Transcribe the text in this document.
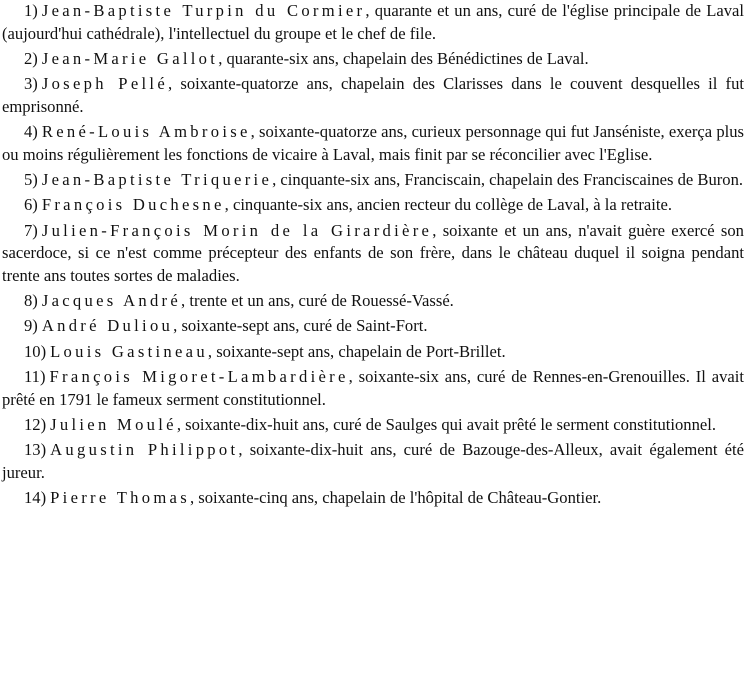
1) Jean-Baptiste Turpin du Cormier, quarante et un ans, curé de l'église principale de Laval (aujourd'hui cathédrale), l'intellectuel du groupe et le chef de file.

2) Jean-Marie Gallot, quarante-six ans, chapelain des Bénédictines de Laval.

3) Joseph Pellé, soixante-quatorze ans, chapelain des Clarisses dans le couvent desquelles il fut emprisonné.

4) René-Louis Ambroise, soixante-quatorze ans, curieux personnage qui fut Janséniste, exerça plus ou moins régulièrement les fonctions de vicaire à Laval, mais finit par se réconcilier avec l'Eglise.

5) Jean-Baptiste Triquerie, cinquante-six ans, Franciscain, chapelain des Franciscaines de Buron.

6) François Duchesne, cinquante-six ans, ancien recteur du collège de Laval, à la retraite.

7) Julien-François Morin de la Girardière, soixante et un ans, n'avait guère exercé son sacerdoce, si ce n'est comme précepteur des enfants de son frère, dans le château duquel il soigna pendant trente ans toutes sortes de maladies.

8) Jacques André, trente et un ans, curé de Rouessé-Vassé.

9) André Duliou, soixante-sept ans, curé de Saint-Fort.

10) Louis Gastineau, soixante-sept ans, chapelain de Port-Brillet.

11) François Migoret-Lambardière, soixante-six ans, curé de Rennes-en-Grenouilles. Il avait prêté en 1791 le fameux serment constitutionnel.

12) Julien Moulé, soixante-dix-huit ans, curé de Saulges qui avait prêté le serment constitutionnel.

13) Augustin Philippot, soixante-dix-huit ans, curé de Bazouge-des-Alleux, avait également été jureur.

14) Pierre Thomas, soixante-cinq ans, chapelain de l'hôpital de Château-Gontier.
